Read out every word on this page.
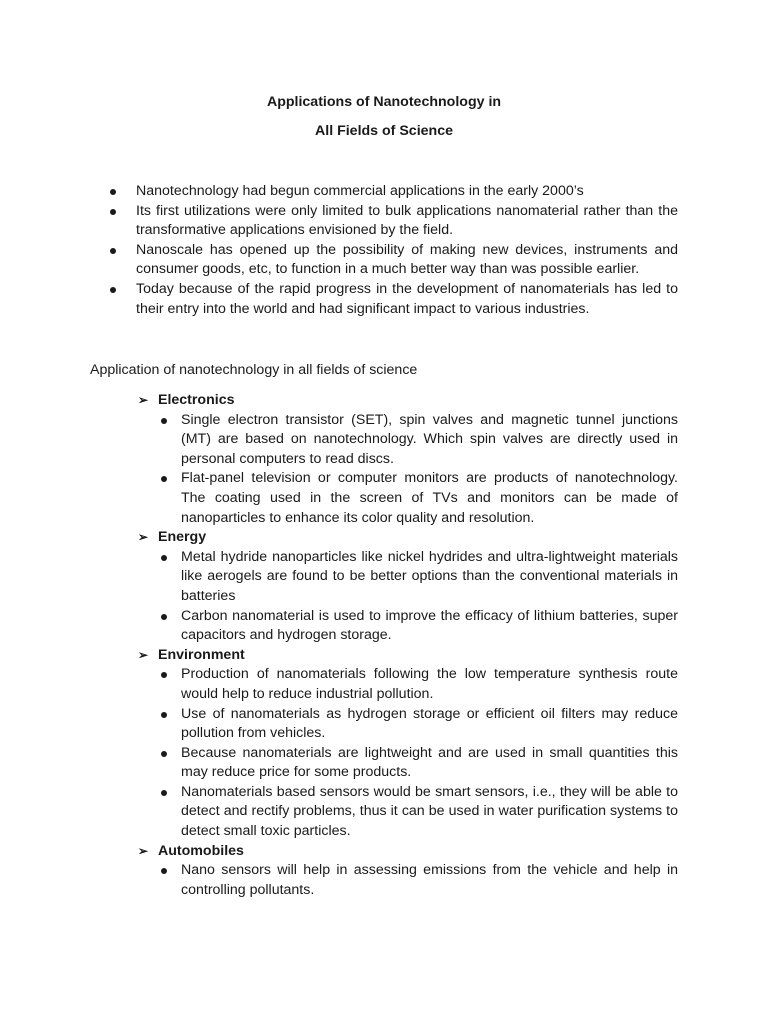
Applications of Nanotechnology in
All Fields of Science
Nanotechnology had begun commercial applications in the early 2000’s
Its first utilizations were only limited to bulk applications nanomaterial rather than the transformative applications envisioned by the field.
Nanoscale has opened up the possibility of making new devices, instruments and consumer goods, etc, to function in a much better way than was possible earlier.
Today because of the rapid progress in the development of nanomaterials has led to their entry into the world and had significant impact to various industries.
Application of nanotechnology in all fields of science
➢ Electronics
Single electron transistor (SET), spin valves and magnetic tunnel junctions (MT) are based on nanotechnology. Which spin valves are directly used in personal computers to read discs.
Flat-panel television or computer monitors are products of nanotechnology. The coating used in the screen of TVs and monitors can be made of nanoparticles to enhance its color quality and resolution.
➢ Energy
Metal hydride nanoparticles like nickel hydrides and ultra-lightweight materials like aerogels are found to be better options than the conventional materials in batteries
Carbon nanomaterial is used to improve the efficacy of lithium batteries, super capacitors and hydrogen storage.
➢ Environment
Production of nanomaterials following the low temperature synthesis route would help to reduce industrial pollution.
Use of nanomaterials as hydrogen storage or efficient oil filters may reduce pollution from vehicles.
Because nanomaterials are lightweight and are used in small quantities this may reduce price for some products.
Nanomaterials based sensors would be smart sensors, i.e., they will be able to detect and rectify problems, thus it can be used in water purification systems to detect small toxic particles.
➢ Automobiles
Nano sensors will help in assessing emissions from the vehicle and help in controlling pollutants.
